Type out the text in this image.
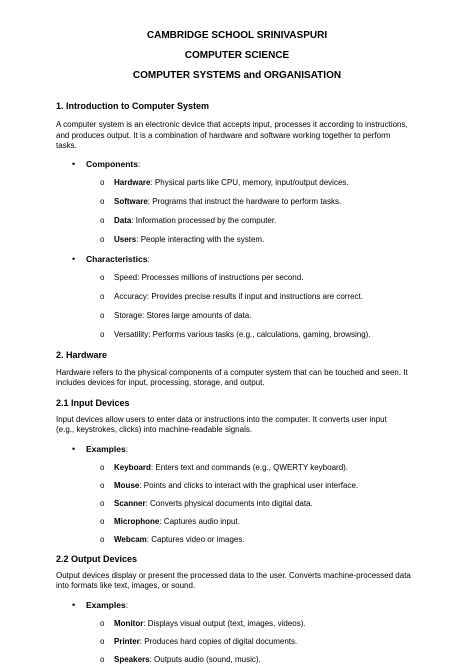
CAMBRIDGE SCHOOL SRINIVASPURI
COMPUTER SCIENCE
COMPUTER SYSTEMS and ORGANISATION

1. Introduction to Computer System

A computer system is an electronic device that accepts input, processes it according to instructions,
and produces output. It is a combination of hardware and software working together to perform
tasks.

• Components:
o Hardware: Physical parts like CPU, memory, input/output devices.
o Software: Programs that instruct the hardware to perform tasks.
o Data: Information processed by the computer.
o Users: People interacting with the system.
• Characteristics:
o Speed: Processes millions of instructions per second.
o Accuracy: Provides precise results if input and instructions are correct.
o Storage: Stores large amounts of data.
o Versatility: Performs various tasks (e.g., calculations, gaming, browsing).

2. Hardware

Hardware refers to the physical components of a computer system that can be touched and seen. It
includes devices for input, processing, storage, and output.

2.1 Input Devices

Input devices allow users to enter data or instructions into the computer. It converts user input
(e.g., keystrokes, clicks) into machine-readable signals.

• Examples:
o Keyboard: Enters text and commands (e.g., QWERTY keyboard).
o Mouse: Points and clicks to interact with the graphical user interface.
o Scanner: Converts physical documents into digital data.
o Microphone: Captures audio input.
o Webcam: Captures video or images.

2.2 Output Devices

Output devices display or present the processed data to the user. Converts machine-processed data
into formats like text, images, or sound.

• Examples:
o Monitor: Displays visual output (text, images, videos).
o Printer: Produces hard copies of digital documents.
o Speakers: Outputs audio (sound, music).
